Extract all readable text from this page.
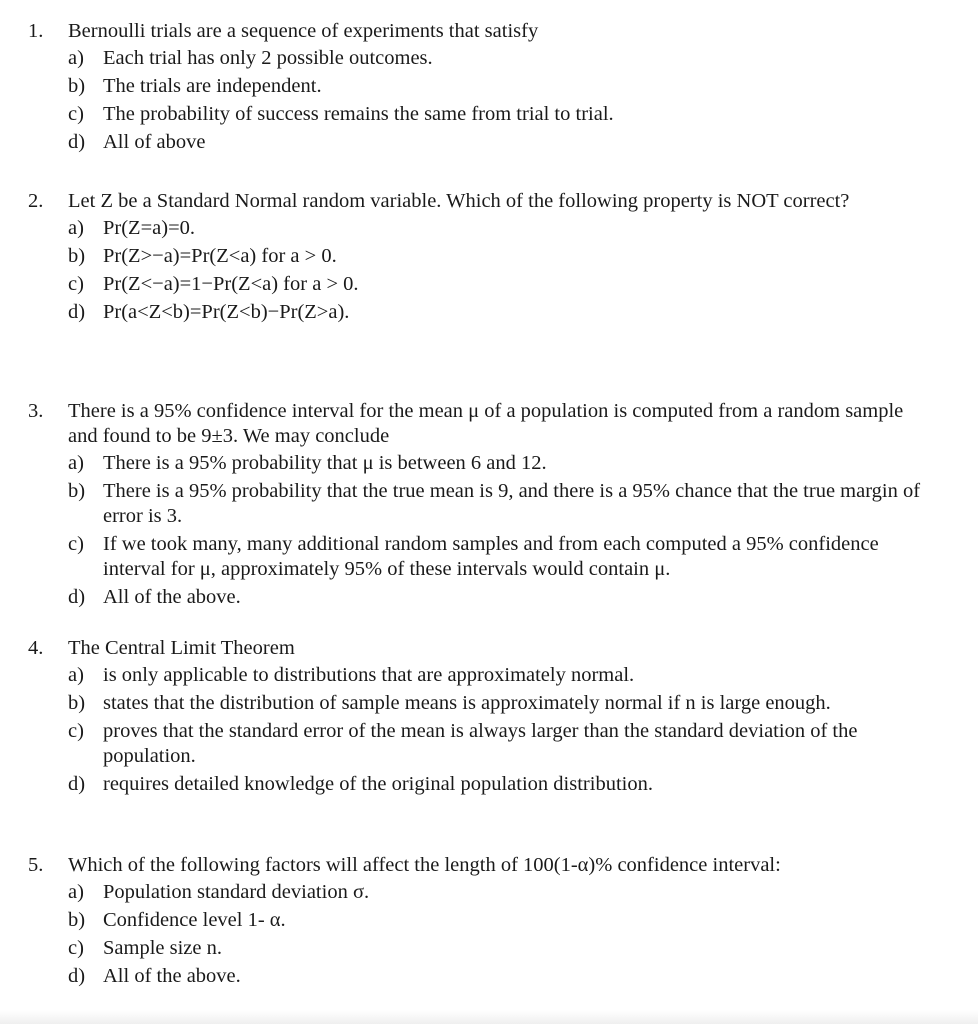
1.	Bernoulli trials are a sequence of experiments that satisfy
a) Each trial has only 2 possible outcomes.
b) The trials are independent.
c) The probability of success remains the same from trial to trial.
d) All of above
2.	Let Z be a Standard Normal random variable. Which of the following property is NOT correct?
a) Pr(Z=a)=0.
b) Pr(Z>−a)=Pr(Z<a) for a > 0.
c) Pr(Z<−a)=1−Pr(Z<a) for a > 0.
d) Pr(a<Z<b)=Pr(Z<b)−Pr(Z>a).
3.	There is a 95% confidence interval for the mean μ of a population is computed from a random sample and found to be 9±3. We may conclude
a) There is a 95% probability that μ is between 6 and 12.
b) There is a 95% probability that the true mean is 9, and there is a 95% chance that the true margin of error is 3.
c) If we took many, many additional random samples and from each computed a 95% confidence interval for μ, approximately 95% of these intervals would contain μ.
d) All of the above.
4.	The Central Limit Theorem
a) is only applicable to distributions that are approximately normal.
b) states that the distribution of sample means is approximately normal if n is large enough.
c) proves that the standard error of the mean is always larger than the standard deviation of the population.
d) requires detailed knowledge of the original population distribution.
5.	Which of the following factors will affect the length of 100(1-α)% confidence interval:
a) Population standard deviation σ.
b) Confidence level 1- α.
c) Sample size n.
d) All of the above.
